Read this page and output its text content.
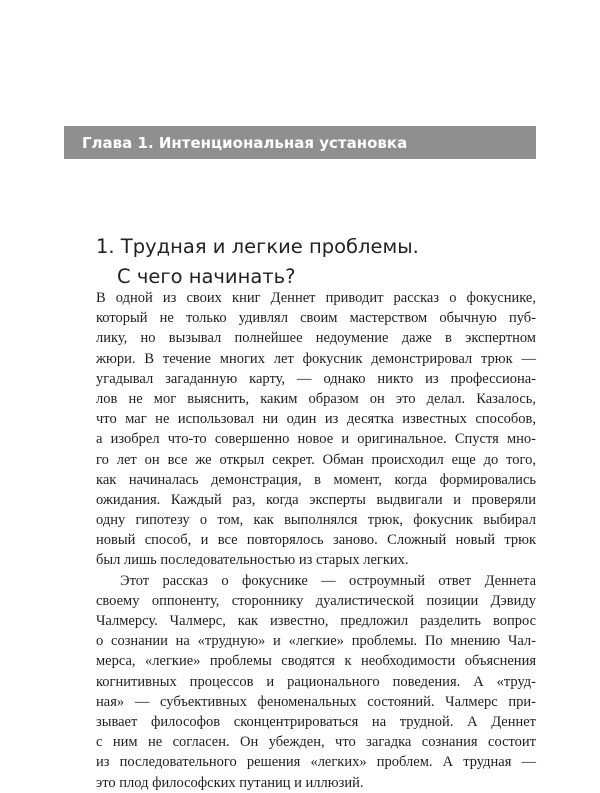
Глава 1. Интенциональная установка
1. Трудная и легкие проблемы.
С чего начинать?
В одной из своих книг Деннет приводит рассказ о фокуснике,
который не только удивлял своим мастерством обычную пуб-
лику, но вызывал полнейшее недоумение даже в экспертном
жюри. В течение многих лет фокусник демонстрировал трюк —
угадывал загаданную карту, — однако никто из профессиона-
лов не мог выяснить, каким образом он это делал. Казалось,
что маг не использовал ни один из десятка известных способов,
а изобрел что-то совершенно новое и оригинальное. Спустя мно-
го лет он все же открыл секрет. Обман происходил еще до того,
как начиналась демонстрация, в момент, когда формировались
ожидания. Каждый раз, когда эксперты выдвигали и проверяли
одну гипотезу о том, как выполнялся трюк, фокусник выбирал
новый способ, и все повторялось заново. Сложный новый трюк
был лишь последовательностью из старых легких.
Этот рассказ о фокуснике — остроумный ответ Деннета
своему оппоненту, стороннику дуалистической позиции Дэвиду
Чалмерсу. Чалмерс, как известно, предложил разделить вопрос
о сознании на «трудную» и «легкие» проблемы. По мнению Чал-
мерса, «легкие» проблемы сводятся к необходимости объяснения
когнитивных процессов и рационального поведения. А «труд-
ная» — субъективных феноменальных состояний. Чалмерс при-
зывает философов сконцентрироваться на трудной. А Деннет
с ним не согласен. Он убежден, что загадка сознания состоит
из последовательного решения «легких» проблем. А трудная —
это плод философских путаниц и иллюзий.
